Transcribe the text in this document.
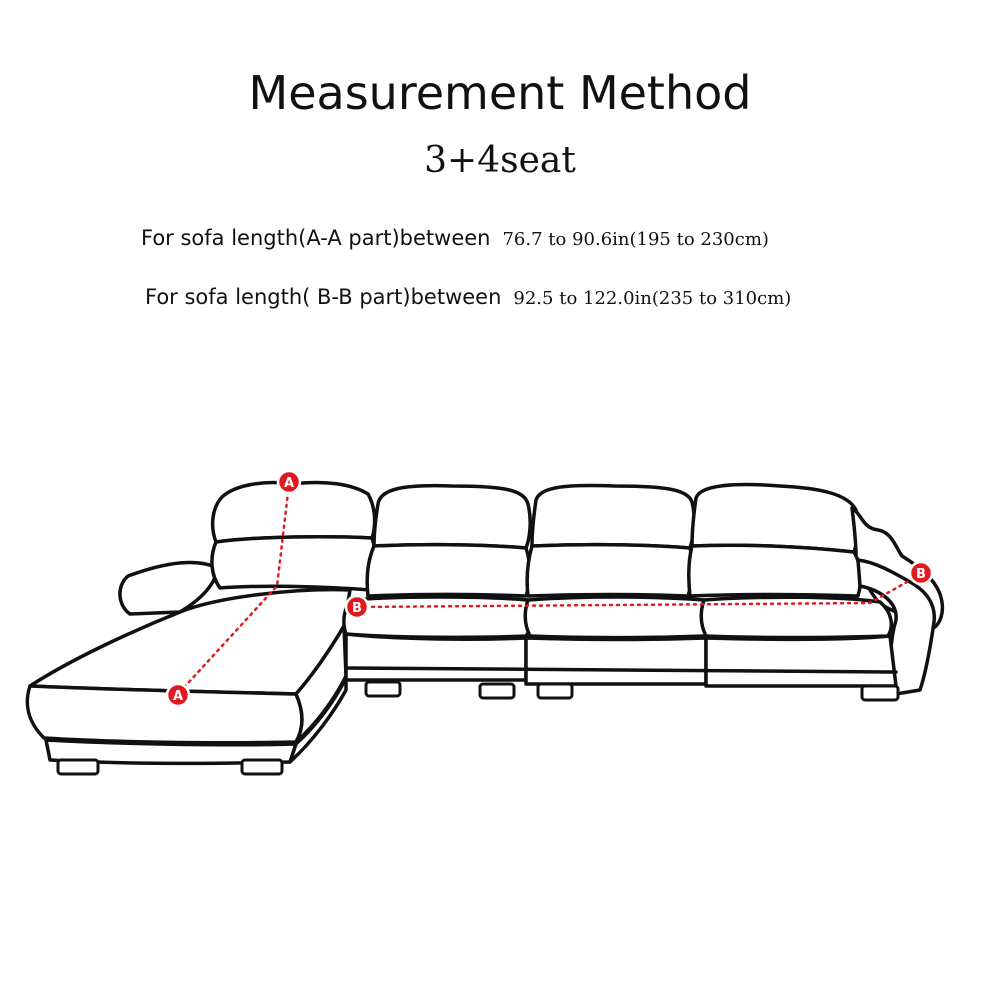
Measurement Method
3+4seat
For sofa length(A-A part)between 76.7 to 90.6in(195 to 230cm)
For sofa length( B-B part)between 92.5 to 122.0in(235 to 310cm)
A
A
B
B
